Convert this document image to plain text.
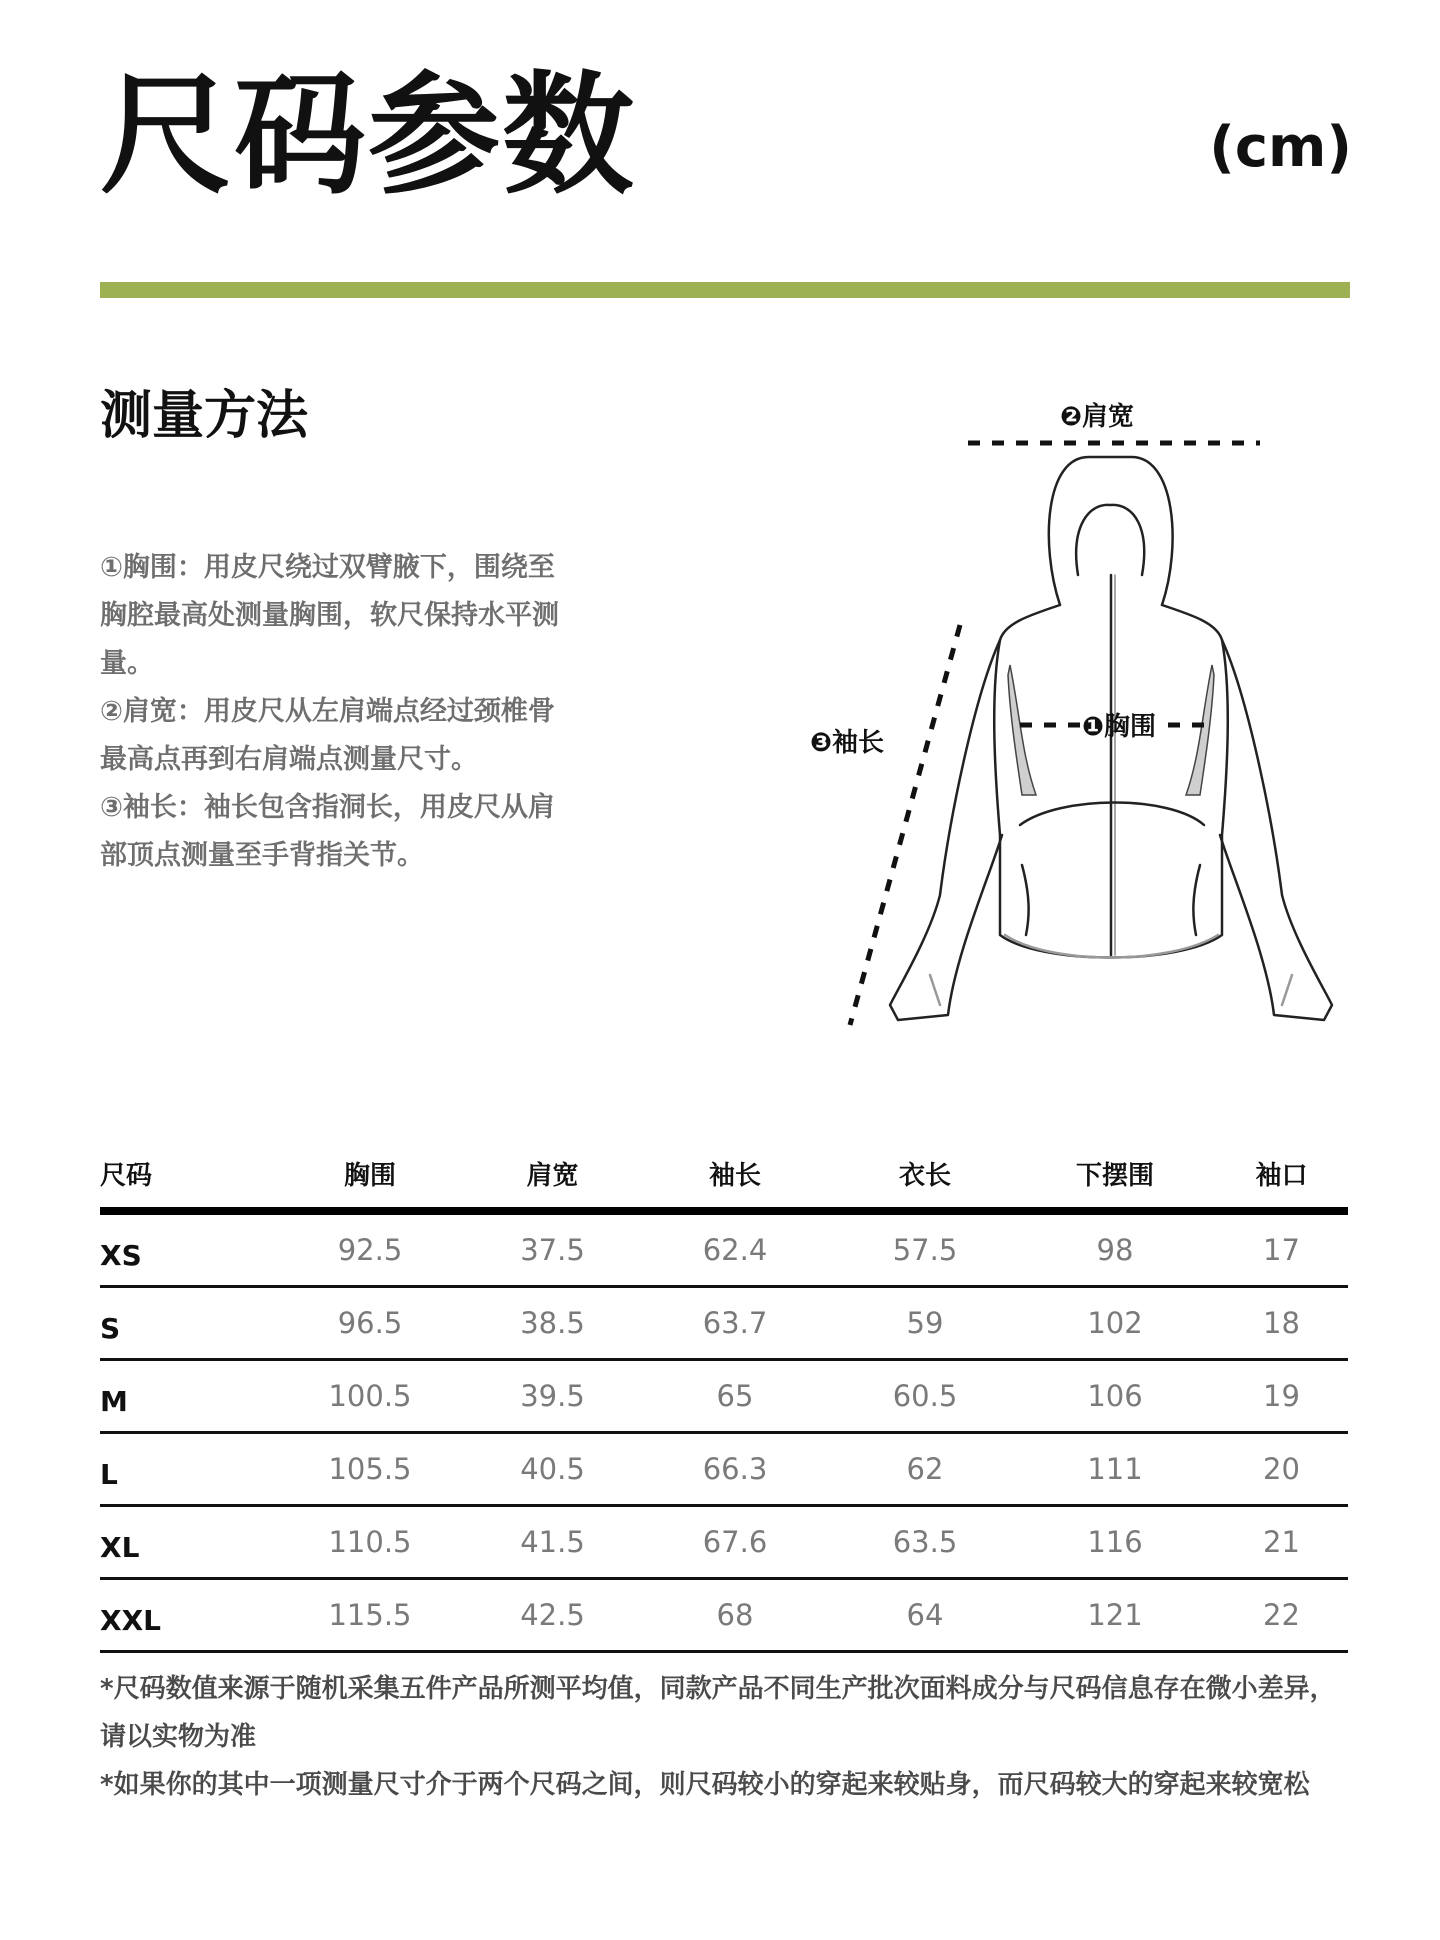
尺码参数	(cm)
测量方法

①胸围：用皮尺绕过双臂腋下，围绕至胸腔最高处测量胸围，软尺保持水平测量。

②肩宽：用皮尺从左肩端点经过颈椎骨最高点再到右肩端点测量尺寸。

③袖长：袖长包含指洞长，用皮尺从肩部顶点测量至手背指关节。

❷肩宽
❶胸围
❸袖长
尺码	胸围	肩宽	袖长	衣长	下摆围	袖口
XS	92.5	37.5	62.4	57.5	98	17
S	96.5	38.5	63.7	59	102	18
M	100.5	39.5	65	60.5	106	19
L	105.5	40.5	66.3	62	111	20
XL	110.5	41.5	67.6	63.5	116	21
XXL	115.5	42.5	68	64	121	22

*尺码数值来源于随机采集五件产品所测平均值，同款产品不同生产批次面料成分与尺码信息存在微小差异，请以实物为准

*如果你的其中一项测量尺寸介于两个尺码之间，则尺码较小的穿起来较贴身，而尺码较大的穿起来较宽松
